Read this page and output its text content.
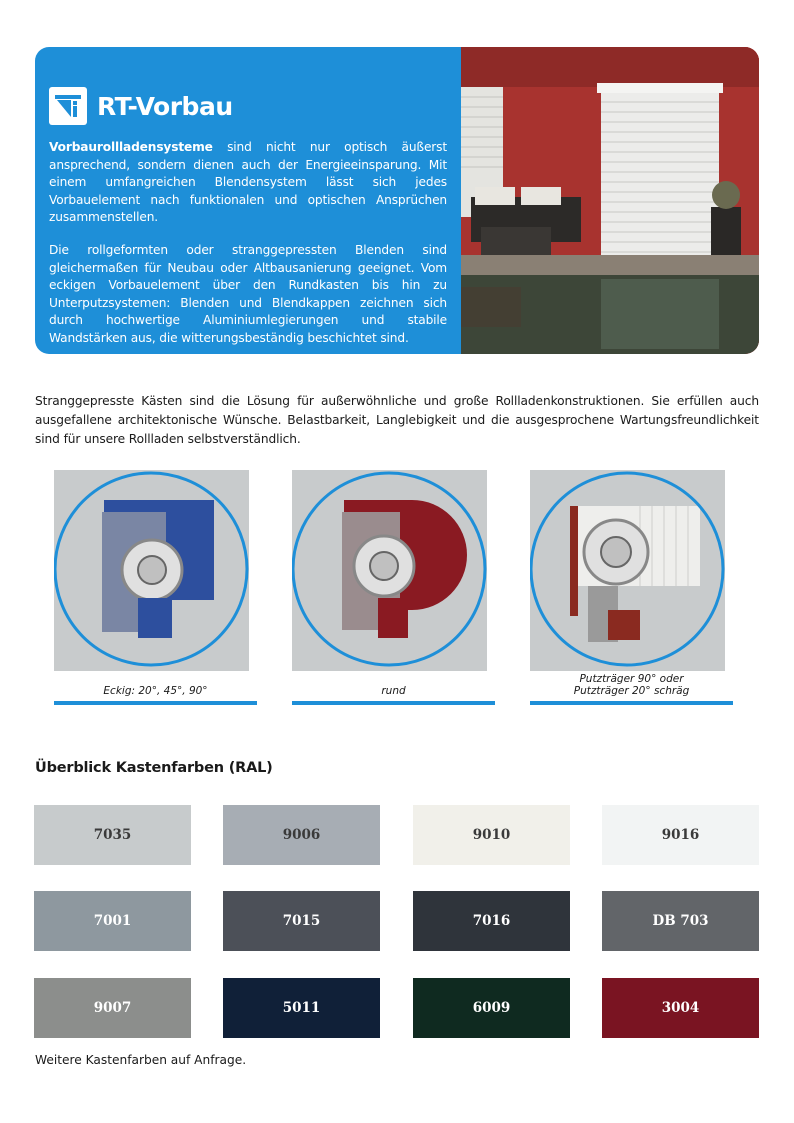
RT-Vorbau

Vorbaurollladensysteme sind nicht nur optisch äußerst ansprechend, sondern dienen auch der Energieeinsparung. Mit einem umfangreichen Blendensystem lässt sich jedes Vorbauelement nach funktionalen und optischen Ansprüchen zusammenstellen.

Die rollgeformten oder stranggepressten Blenden sind gleichermaßen für Neubau oder Altbausanierung geeignet. Vom eckigen Vorbauelement über den Rundkasten bis hin zu Unterputzsystemen: Blenden und Blendkappen zeichnen sich durch hochwertige Aluminiumlegierungen und stabile Wandstärken aus, die witterungsbeständig beschichtet sind.

Stranggepresste Kästen sind die Lösung für außerwöhnliche und große Rollladenkonstruktionen. Sie erfüllen auch ausgefallene architektonische Wünsche. Belastbarkeit, Langlebigkeit und die ausgesprochene Wartungsfreundlichkeit sind für unsere Rollladen selbstverständlich.

Eckig: 20°, 45°, 90°	rund
Putzträger 90° oder
Putzträger 20° schräg
Überblick Kastenfarben (RAL)
7035	9006	9010	9016
7001	7015	7016	DB 703
9007	5011	6009	3004
Weitere Kastenfarben auf Anfrage.
